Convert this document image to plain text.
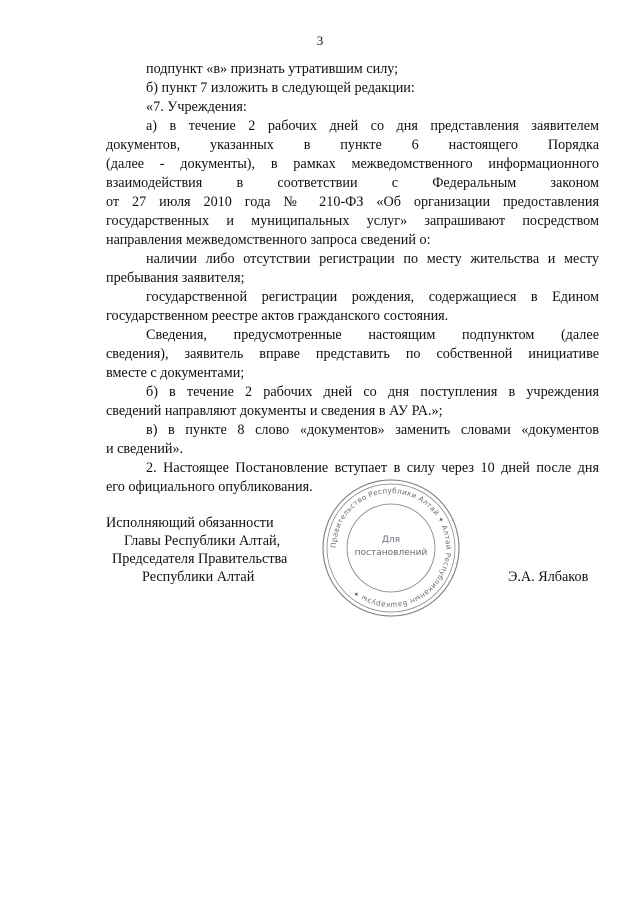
3
подпункт «в» признать утратившим силу;
б) пункт 7 изложить в следующей редакции:
«7. Учреждения:
а) в течение 2 рабочих дней со дня представления заявителем
документов, указанных в пункте 6 настоящего Порядка
(далее - документы), в рамках межведомственного информационного
взаимодействия в соответствии с Федеральным законом
от 27 июля 2010 года № 210-ФЗ «Об организации предоставления
государственных и муниципальных услуг» запрашивают посредством
направления межведомственного запроса сведений о:
наличии либо отсутствии регистрации по месту жительства и месту
пребывания заявителя;
государственной регистрации рождения, содержащиеся в Едином
государственном реестре актов гражданского состояния.
Сведения, предусмотренные настоящим подпунктом (далее
сведения), заявитель вправе представить по собственной инициативе
вместе с документами;
б) в течение 2 рабочих дней со дня поступления в учреждения
сведений направляют документы и сведения в АУ РА.»;
в) в пункте 8 слово «документов» заменить словами «документов
и сведений».
2. Настоящее Постановление вступает в силу через 10 дней после дня
его официального опубликования.
Исполняющий обязанности
Главы Республики Алтай,
Председателя Правительства
Республики Алтай	Э.А. Ялбаков
Правительство Республики Алтай ✦ Алтай Республиканын Башкарузы ✦
Для
постановлений
